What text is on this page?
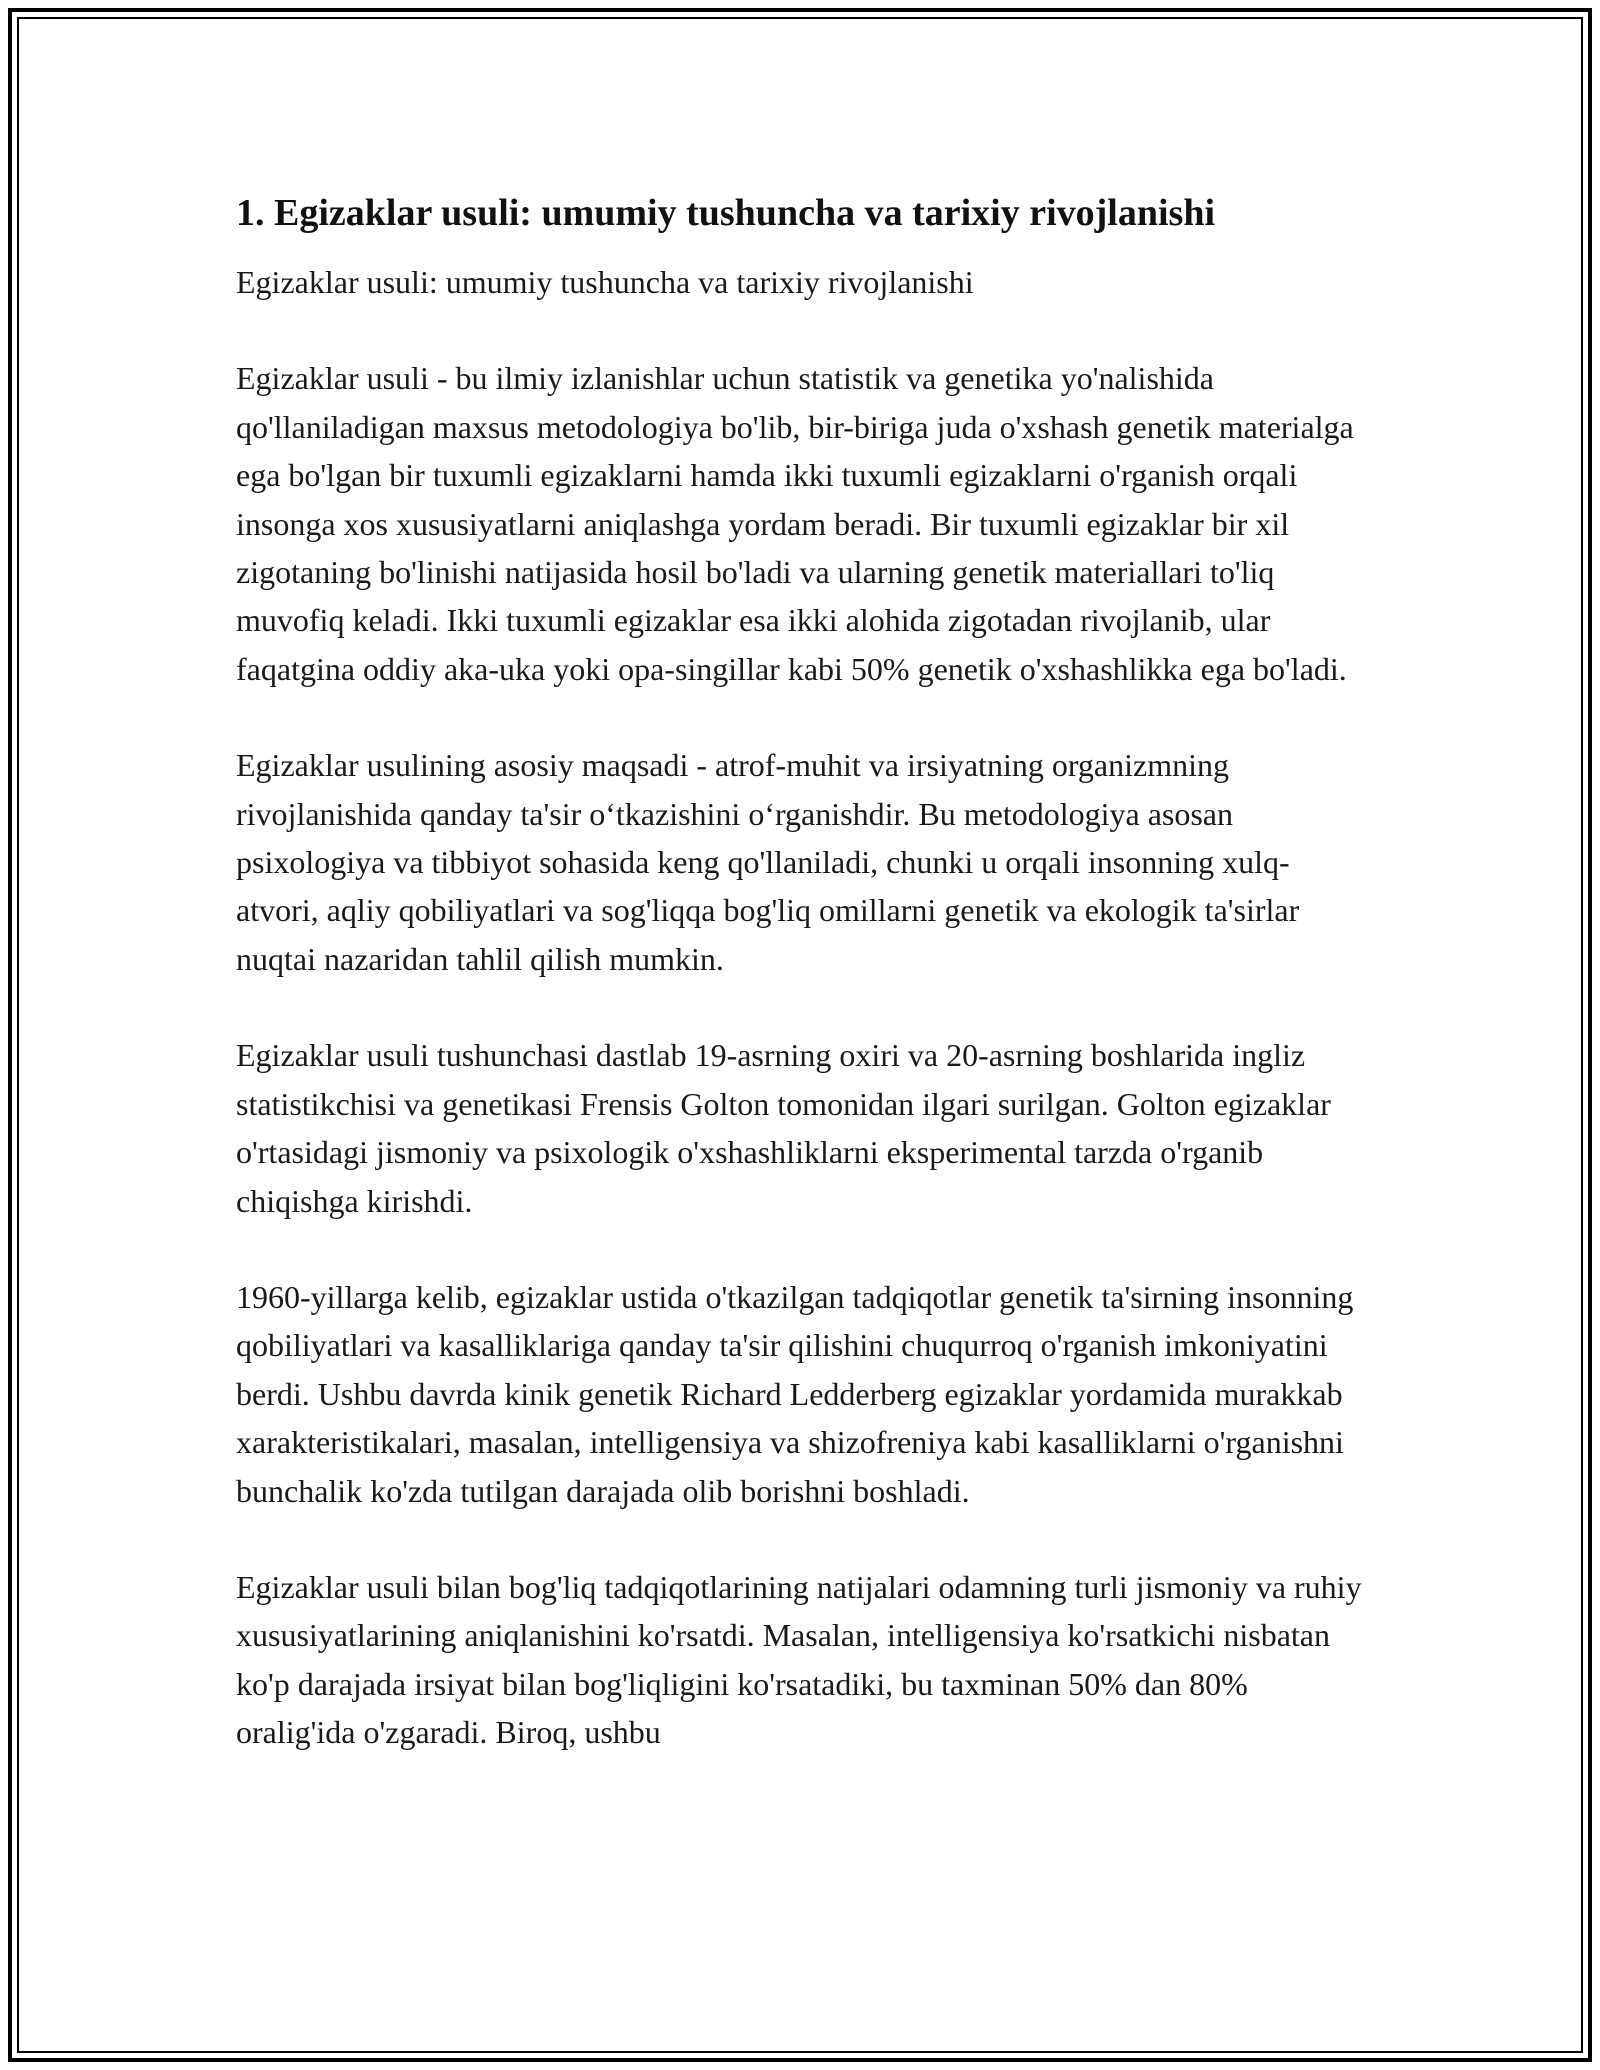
1. Egizaklar usuli: umumiy tushuncha va tarixiy rivojlanishi

Egizaklar usuli: umumiy tushuncha va tarixiy rivojlanishi

Egizaklar usuli - bu ilmiy izlanishlar uchun statistik va genetika yo'nalishida qo'llaniladigan maxsus metodologiya bo'lib, bir-biriga juda o'xshash genetik materialga ega bo'lgan bir tuxumli egizaklarni hamda ikki tuxumli egizaklarni o'rganish orqali insonga xos xususiyatlarni aniqlashga yordam beradi. Bir tuxumli egizaklar bir xil zigotaning bo'linishi natijasida hosil bo'ladi va ularning genetik materiallari to'liq muvofiq keladi. Ikki tuxumli egizaklar esa ikki alohida zigotadan rivojlanib, ular faqatgina oddiy aka-uka yoki opa-singillar kabi 50% genetik o'xshashlikka ega bo'ladi.

Egizaklar usulining asosiy maqsadi - atrof-muhit va irsiyatning organizmning rivojlanishida qanday ta'sir o‘tkazishini o‘rganishdir. Bu metodologiya asosan psixologiya va tibbiyot sohasida keng qo'llaniladi, chunki u orqali insonning xulq-atvori, aqliy qobiliyatlari va sog'liqqa bog'liq omillarni genetik va ekologik ta'sirlar nuqtai nazaridan tahlil qilish mumkin.

Egizaklar usuli tushunchasi dastlab 19-asrning oxiri va 20-asrning boshlarida ingliz statistikchisi va genetikasi Frensis Golton tomonidan ilgari surilgan. Golton egizaklar o'rtasidagi jismoniy va psixologik o'xshashliklarni eksperimental tarzda o'rganib chiqishga kirishdi.

1960-yillarga kelib, egizaklar ustida o'tkazilgan tadqiqotlar genetik ta'sirning insonning qobiliyatlari va kasalliklariga qanday ta'sir qilishini chuqurroq o'rganish imkoniyatini berdi. Ushbu davrda kinik genetik Richard Ledderberg egizaklar yordamida murakkab xarakteristikalari, masalan, intelligensiya va shizofreniya kabi kasalliklarni o'rganishni bunchalik ko'zda tutilgan darajada olib borishni boshladi.

Egizaklar usuli bilan bog'liq tadqiqotlarining natijalari odamning turli jismoniy va ruhiy xususiyatlarining aniqlanishini ko'rsatdi. Masalan, intelligensiya ko'rsatkichi nisbatan ko'p darajada irsiyat bilan bog'liqligini ko'rsatadiki, bu taxminan 50% dan 80% oralig'ida o'zgaradi. Biroq, ushbu
